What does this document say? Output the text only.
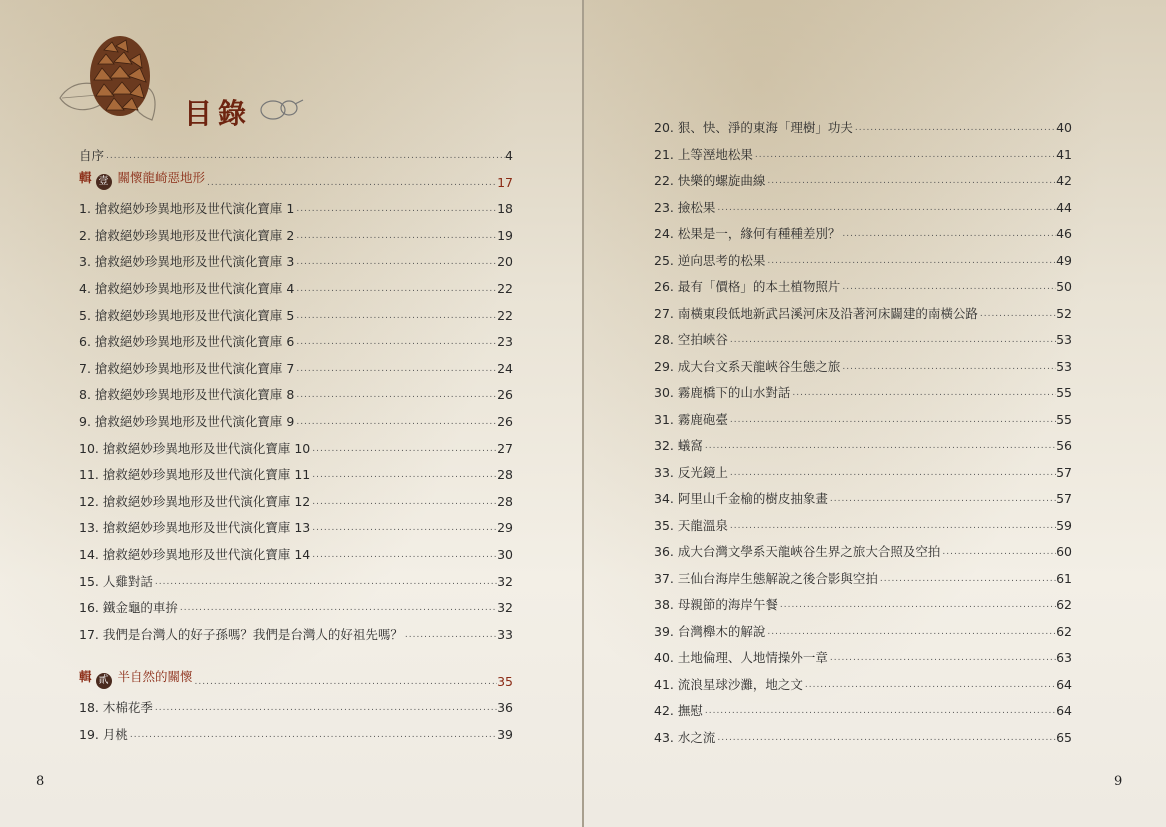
目錄
自序 .....	4
輯 壹 關懷龍崎惡地形 .....	17
1. 搶救絕妙珍異地形及世代演化寶庫 1 .....	18
2. 搶救絕妙珍異地形及世代演化寶庫 2 .....	19
3. 搶救絕妙珍異地形及世代演化寶庫 3 .....	20
4. 搶救絕妙珍異地形及世代演化寶庫 4 .....	22
5. 搶救絕妙珍異地形及世代演化寶庫 5 .....	22
6. 搶救絕妙珍異地形及世代演化寶庫 6 .....	23
7. 搶救絕妙珍異地形及世代演化寶庫 7 .....	24
8. 搶救絕妙珍異地形及世代演化寶庫 8 .....	26
9. 搶救絕妙珍異地形及世代演化寶庫 9 .....	26
10. 搶救絕妙珍異地形及世代演化寶庫 10 .....	27
11. 搶救絕妙珍異地形及世代演化寶庫 11 .....	28
12. 搶救絕妙珍異地形及世代演化寶庫 12 .....	28
13. 搶救絕妙珍異地形及世代演化寶庫 13 .....	29
14. 搶救絕妙珍異地形及世代演化寶庫 14 .....	30
15. 人雞對話 .....	32
16. 鐵金龜的車拚 .....	32
17. 我們是台灣人的好子孫嗎？我們是台灣人的好祖先嗎？ .....	33
輯 貳 半自然的關懷 .....	35
18. 木棉花季 .....	36
19. 月桃 .....	39
8
20. 狠、快、淨的東海「理樹」功夫 .....	40
21. 上等溼地松果 .....	41
22. 快樂的螺旋曲線 .....	42
23. 撿松果 .....	44
24. 松果是一，緣何有種種差別？ .....	46
25. 逆向思考的松果 .....	49
26. 最有「價格」的本土植物照片 .....	50
27. 南橫東段低地新武呂溪河床及沿著河床闢建的南橫公路 .....	52
28. 空拍峽谷 .....	53
29. 成大台文系天龍峽谷生態之旅 .....	53
30. 霧鹿橋下的山水對話 .....	55
31. 霧鹿砲臺 .....	55
32. 蟻窩 .....	56
33. 反光鏡上 .....	57
34. 阿里山千金榆的樹皮抽象畫 .....	57
35. 天龍溫泉 .....	59
36. 成大台灣文學系天龍峽谷生界之旅大合照及空拍 .....	60
37. 三仙台海岸生態解說之後合影與空拍 .....	61
38. 母親節的海岸午餐 .....	62
39. 台灣櫸木的解說 .....	62
40. 土地倫理、人地情操外一章 .....	63
41. 流浪星球沙灘，地之文 .....	64
42. 撫慰 .....	64
43. 水之流 .....	65
9
